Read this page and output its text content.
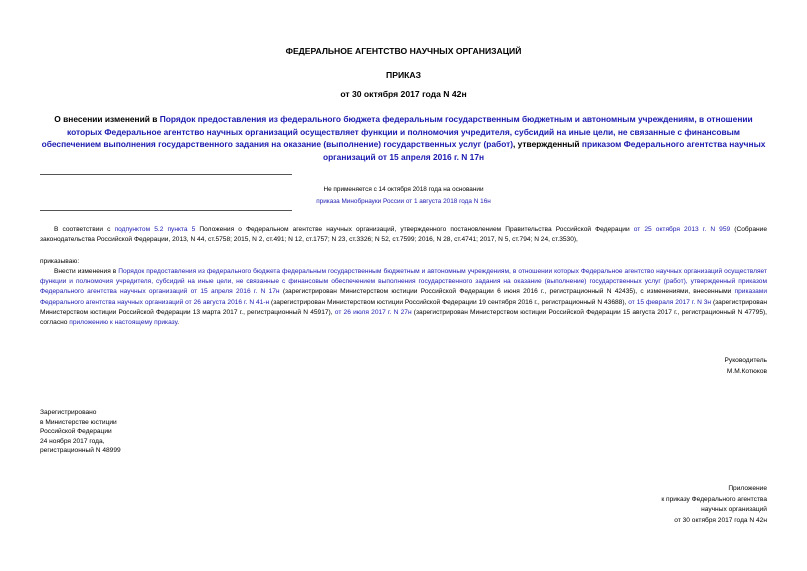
ФЕДЕРАЛЬНОЕ АГЕНТСТВО НАУЧНЫХ ОРГАНИЗАЦИЙ
ПРИКАЗ
от 30 октября 2017 года N 42н
О внесении изменений в Порядок предоставления из федерального бюджета федеральным государственным бюджетным и автономным учреждениям, в отношении которых Федеральное агентство научных организаций осуществляет функции и полномочия учредителя, субсидий на иные цели, не связанные с финансовым обеспечением выполнения государственного задания на оказание (выполнение) государственных услуг (работ), утвержденный приказом Федерального агентства научных организаций от 15 апреля 2016 г. N 17н
Не применяется с 14 октября 2018 года на основании
приказа Минобрнауки России от 1 августа 2018 года N 16н
В соответствии с подпунктом 5.2 пункта 5 Положения о Федеральном агентстве научных организаций, утвержденного постановлением Правительства Российской Федерации от 25 октября 2013 г. N 959 (Собрание законодательства Российской Федерации, 2013, N 44, ст.5758; 2015, N 2, ст.491; N 12, ст.1757; N 23, ст.3326; N 52, ст.7599; 2016, N 28, ст.4741; 2017, N 5, ст.794; N 24, ст.3530),
приказываю:
Внести изменения в Порядок предоставления из федерального бюджета федеральным государственным бюджетным и автономным учреждениям, в отношении которых Федеральное агентство научных организаций осуществляет функции и полномочия учредителя, субсидий на иные цели, не связанные с финансовым обеспечением выполнения государственного задания на оказание (выполнение) государственных услуг (работ), утвержденный приказом Федерального агентства научных организаций от 15 апреля 2016 г. N 17н (зарегистрирован Министерством юстиции Российской Федерации 6 июня 2016 г., регистрационный N 42435), с изменениями, внесенными приказами Федерального агентства научных организаций от 26 августа 2016 г. N 41-н (зарегистрирован Министерством юстиции Российской Федерации 19 сентября 2016 г., регистрационный N 43688), от 15 февраля 2017 г. N 3н (зарегистрирован Министерством юстиции Российской Федерации 13 марта 2017 г., регистрационный N 45917), от 26 июля 2017 г. N 27н (зарегистрирован Министерством юстиции Российской Федерации 15 августа 2017 г., регистрационный N 47795), согласно приложению к настоящему приказу.
Руководитель
М.М.Котюков
Зарегистрировано
в Министерстве юстиции
Российской Федерации
24 ноября 2017 года,
регистрационный N 48999
Приложение
к приказу Федерального агентства
научных организаций
от 30 октября 2017 года N 42н
